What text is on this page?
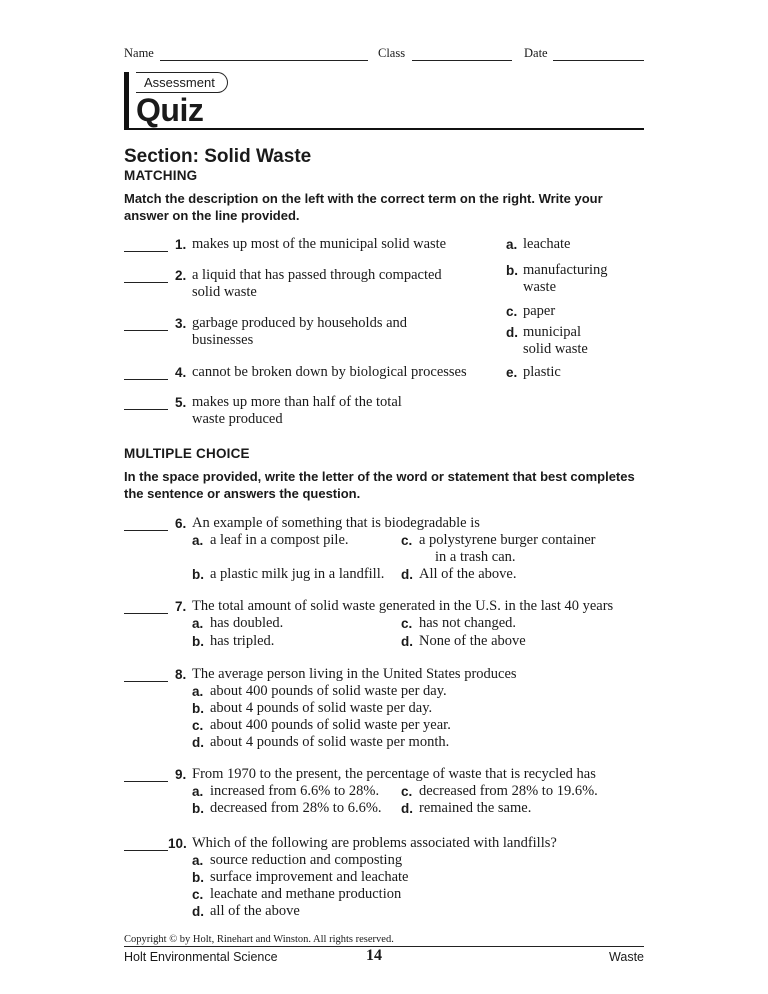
Name	Class	Date
Assessment
Quiz
Section: Solid Waste
MATCHING
Match the description on the left with the correct term on the right. Write your answer on the line provided.
1. makes up most of the municipal solid waste
2. a liquid that has passed through compacted
solid waste
3. garbage produced by households and
businesses
4. cannot be broken down by biological processes
5. makes up more than half of the total
waste produced
a. leachate
b. manufacturing
waste
c. paper
d. municipal
solid waste
e. plastic
MULTIPLE CHOICE
In the space provided, write the letter of the word or statement that best completes the sentence or answers the question.
6. An example of something that is biodegradable is
a. a leaf in a compost pile.	c. a polystyrene burger container
in a trash can.
b. a plastic milk jug in a landfill. d. All of the above.
7. The total amount of solid waste generated in the U.S. in the last 40 years
a. has doubled.	c. has not changed.
b. has tripled.	d. None of the above
8. The average person living in the United States produces
a. about 400 pounds of solid waste per day.
b. about 4 pounds of solid waste per day.
c. about 400 pounds of solid waste per year.
d. about 4 pounds of solid waste per month.
9. From 1970 to the present, the percentage of waste that is recycled has
a. increased from 6.6% to 28%. c. decreased from 28% to 19.6%.
b. decreased from 28% to 6.6%. d. remained the same.
10. Which of the following are problems associated with landfills?
a. source reduction and composting
b. surface improvement and leachate
c. leachate and methane production
d. all of the above
Copyright © by Holt, Rinehart and Winston. All rights reserved.
Holt Environmental Science	14	Waste
